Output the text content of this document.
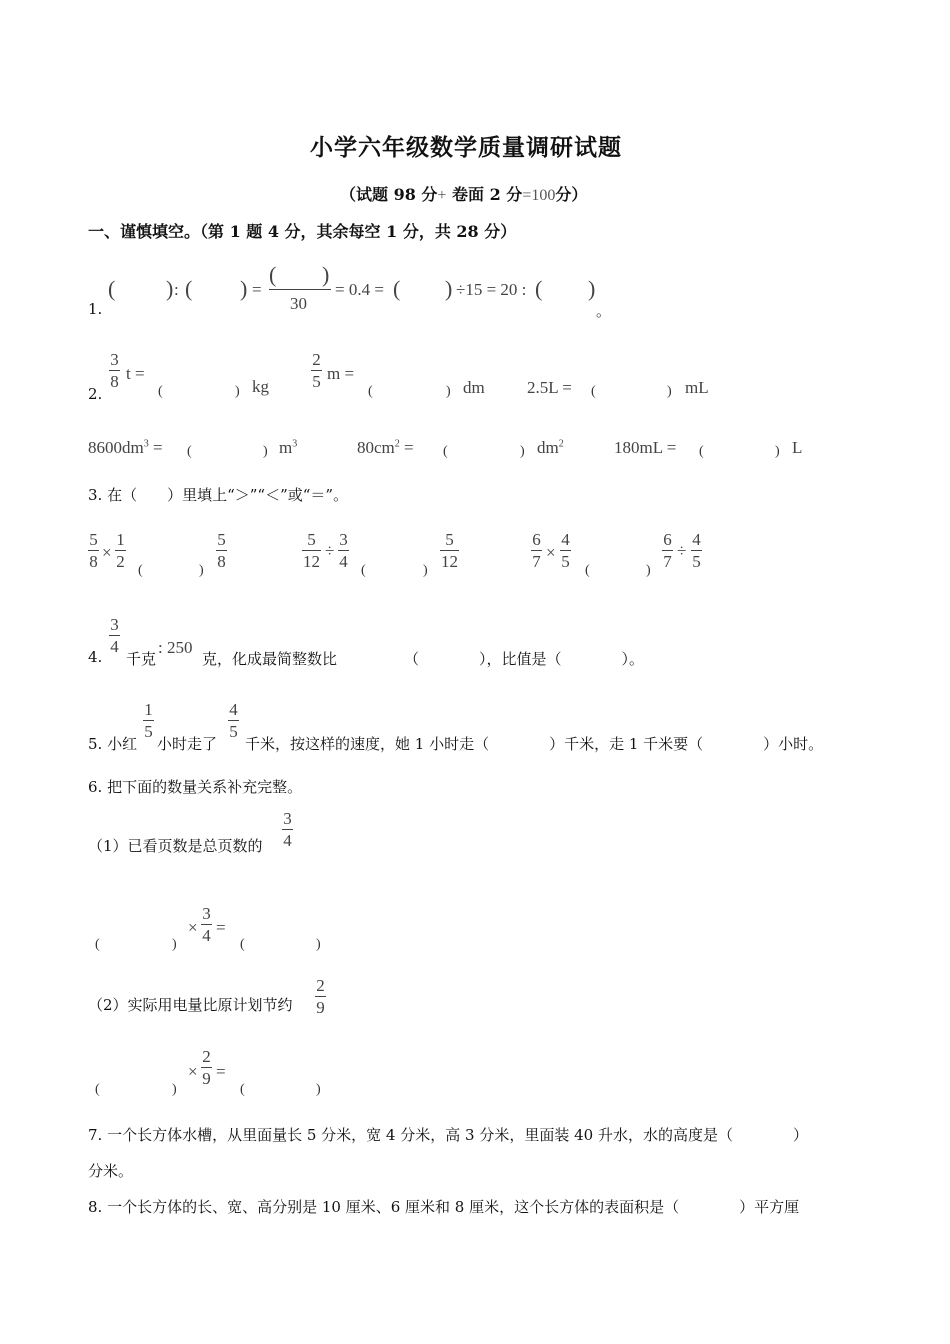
小学六年级数学质量调研试题
（试题 98 分+ 卷面 2 分=100分）
一、谨慎填空。（第 1 题 4 分，其余每空 1 分，共 28 分）
1.
( ) : ( ) =
( )
30
= 0.4 = ( ) ÷15 = 20 : ( )
。
2.
3
8 t =
(	) kg
2
5 m =
(	) dm 2.5L = (	) mL
$8600dm^3$ = (	) $m^3$	$80cm^2$ = (	) $dm^2$	180mL = (	) L
3. 在（　　）里填上“＞”“＜”或“＝”。
5
8 ×
1
2 (	)
5
8
5
12
÷
3
4 (	)
5
12
6
7 ×
4
5 (	)
6
7
÷
4
5
4.
3
4
千克
: 250
克，化成最简整数比	（　　　　），比值是（　　　　）。
5. 小红
1
5
小时走了
4
5
千米，按这样的速度，她 1 小时走（　　　　）千米，走 1 千米要（　　　　）小时。
6. 把下面的数量关系补充完整。
（1）已看页数是总页数的
3
4
(	)
×
3
4 =
(	)
（2）实际用电量比原计划节约
2
9
(	)
×
2
9 =
(	)
7. 一个长方体水槽，从里面量长 5 分米，宽 4 分米，高 3 分米，里面装 40 升水，水的高度是（　　　　）
分米。
8. 一个长方体的长、宽、高分别是 10 厘米、6 厘米和 8 厘米，这个长方体的表面积是（　　　　）平方厘
